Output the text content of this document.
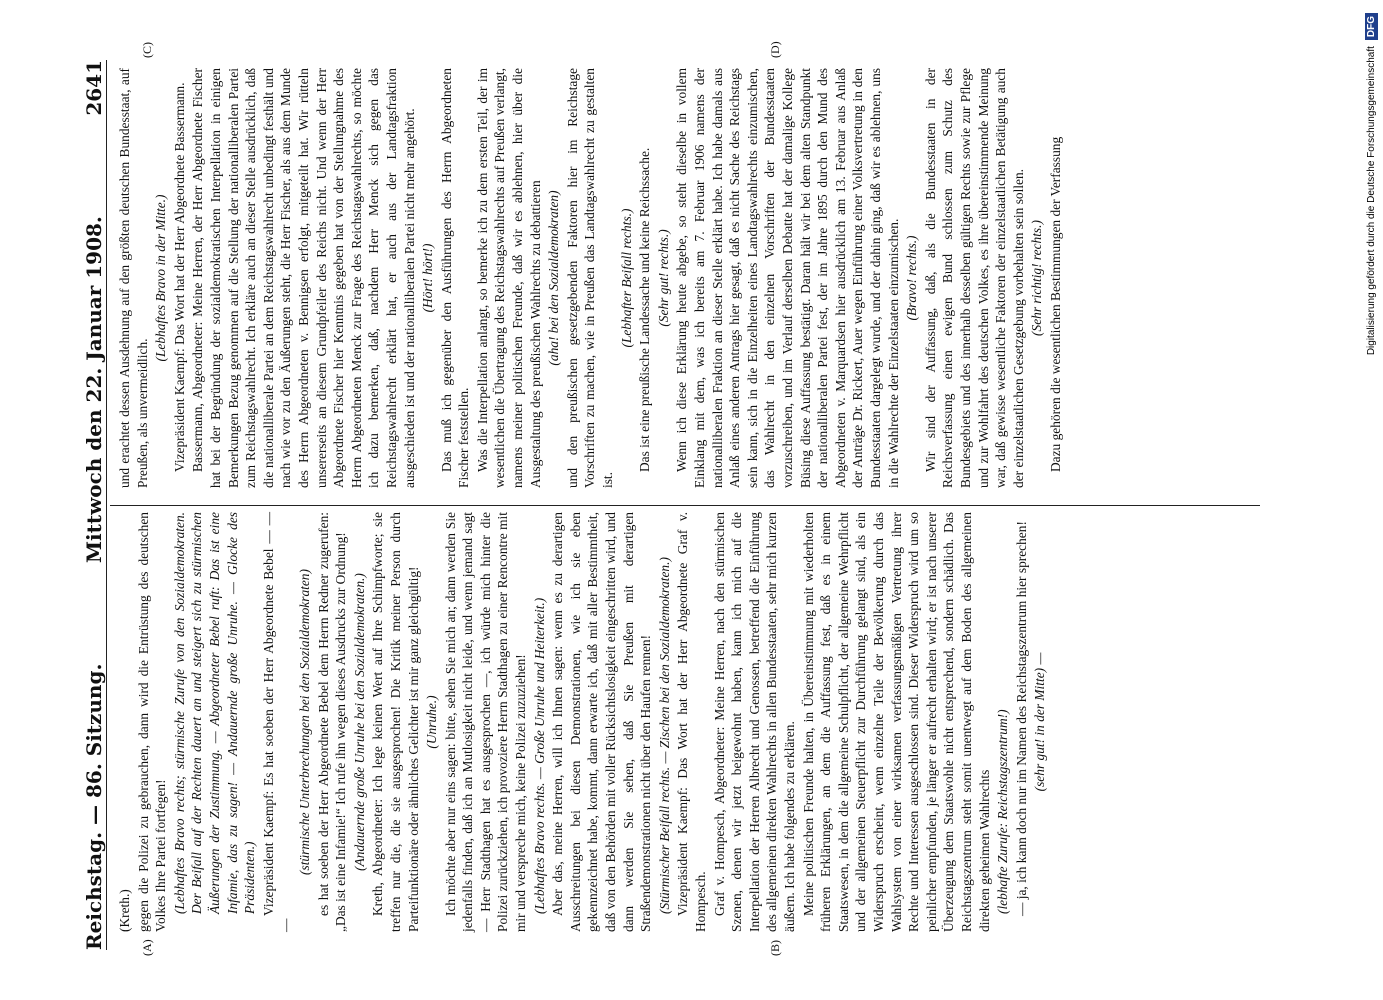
Reichstag. — 86. Sitzung.
Mittwoch den 22. Januar 1908.
2641
(A)	(B)
(C)	(D)

(Kreth.) gegen die Polizei zu gebrauchen, dann wird die Entrüstung des deutschen Volkes Ihre Partei fortfegen! (Lebhaftes Bravo rechts; stürmische Zurufe von den Sozialdemokraten. Der Beifall auf der Rechten dauert an und steigert sich zu stürmischen Äußerungen der Zustimmung. — Abgeordneter Bebel ruft: Das ist eine Infamie, das zu sagen! — Andauernde große Unruhe. — Glocke des Präsidenten.) Vizepräsident Kaempf: Es hat soeben der Herr Abgeordnete Bebel — — —

(stürmische Unterbrechungen bei den Sozialdemokraten) es hat soeben der Herr Abgeordnete Bebel dem Herrn Redner zugerufen: „Das ist eine Infamie!“ Ich rufe ihn wegen dieses Ausdrucks zur Ordnung! (Andauernde große Unruhe bei den Sozialdemokraten.) Kreth, Abgeordneter: Ich lege keinen Wert auf Ihre Schimpfworte; sie treffen nur die, die sie ausgesprochen! Die Kritik meiner Person durch Parteifunktionäre oder ähnliches Gelichter ist mir ganz gleichgültig! (Unruhe.) Ich möchte aber nur eins sagen: bitte, sehen Sie mich an; dann werden Sie jedenfalls finden, daß ich an Mutlosigkeit nicht leide, und wenn jemand sagt — Herr Stadthagen hat es ausgesprochen —, ich würde mich hinter die Polizei zurückziehen, ich provoziere Herrn Stadthagen zu einer Rencontre mit mir und verspreche mich, keine Polizei zuzuziehen! (Lebhaftes Bravo rechts. — Große Unruhe und Heiterkeit.) Aber das, meine Herren, will ich Ihnen sagen: wenn es zu derartigen Ausschreitungen bei diesen Demonstrationen, wie ich sie eben gekennzeichnet habe, kommt, dann erwarte ich, daß mit aller Bestimmtheit, daß von den Behörden mit voller Rücksichtslosigkeit eingeschritten wird, und dann werden Sie sehen, daß Sie Preußen mit derartigen Straßendemonstrationen nicht über den Haufen rennen! (Stürmischer Beifall rechts. — Zischen bei den Sozialdemokraten.) Vizepräsident Kaempf: Das Wort hat der Herr Abgeordnete Graf v. Hompesch. Graf v. Hompesch, Abgeordneter: Meine Herren, nach den stürmischen Szenen, denen wir jetzt beigewohnt haben, kann ich mich auf die Interpellation der Herren Albrecht und Genossen, betreffend die Einführung des allgemeinen direkten Wahlrechts in allen Bundesstaaten, sehr mich kurzen äußern. Ich habe folgendes zu erklären. Meine politischen Freunde halten, in Übereinstimmung mit wiederholten früheren Erklärungen, an dem die Auffassung fest, daß es in einem Staatswesen, in dem die allgemeine Schulpflicht, der allgemeine Wehrpflicht und der allgemeinen Steuerpflicht zur Durchführung gelangt sind, als ein Widerspruch erscheint, wenn einzelne Teile der Bevölkerung durch das Wahlsystem von einer wirksamen verfassungsmäßigen Vertretung ihrer Rechte und Interessen ausgeschlossen sind. Dieser Widerspruch wird um so peinlicher empfunden, je länger er aufrecht erhalten wird; er ist nach unserer Überzeugung dem Staatswohle nicht entsprechend, sondern schädlich. Das Reichstagszentrum steht somit unentwegt auf dem Boden des allgemeinen direkten geheimen Wahlrechts (lebhafte Zurufe: Reichstagszentrum!) — ja, ich kann doch nur im Namen des Reichstagszentrum hier sprechen! (sehr gut! in der Mitte) —

und erachtet dessen Ausdehnung auf den größten deutschen Bundesstaat, auf Preußen, als unvermeidlich.

(Lebhaftes Bravo in der Mitte.) Vizepräsident Kaempf: Das Wort hat der Herr Abgeordnete Bassermann. Bassermann, Abgeordneter: Meine Herren, der Herr Abgeordnete Fischer hat bei der Begründung der sozialdemokratischen Interpellation in einigen Bemerkungen Bezug genommen auf die Stellung der nationalliberalen Partei zum Reichstagswahlrecht. Ich erkläre auch an dieser Stelle ausdrücklich, daß die nationalliberale Partei an dem Reichstagswahlrecht unbedingt festhält und nach wie vor zu den Äußerungen steht, die Herr Fischer, als aus dem Munde des Herrn Abgeordneten v. Bennigsen erfolgt, mitgeteilt hat. Wir rütteln unsererseits an diesem Grundpfeiler des Reichs nicht. Und wenn der Herr Abgeordnete Fischer hier Kenntnis gegeben hat von der Stellungnahme des Herrn Abgeordneten Menck zur Frage des Reichstagswahlrechts, so möchte ich dazu bemerken, daß, nachdem Herr Menck sich gegen das Reichstagswahlrecht erklärt hat, er auch aus der Landtagsfraktion ausgeschieden ist und der nationalliberalen Partei nicht mehr angehört. (Hört! hört!) Das muß ich gegenüber den Ausführungen des Herrn Abgeordneten Fischer feststellen. Was die Interpellation anlangt, so bemerke ich zu dem ersten Teil, der im wesentlichen die Übertragung des Reichstagswahlrechts auf Preußen verlangt, namens meiner politischen Freunde, daß wir es ablehnen, hier über die Ausgestaltung des preußischen Wahlrechts zu debattieren (aha! bei den Sozialdemokraten) und den preußischen gesetzgebenden Faktoren hier im Reichstage Vorschriften zu machen, wie in Preußen das Landtagswahlrecht zu gestalten ist.

(Lebhafter Beifall rechts.) Das ist eine preußische Landessache und keine Reichssache. (Sehr gut! rechts.) Wenn ich diese Erklärung heute abgebe, so steht dieselbe in vollem Einklang mit dem, was ich bereits am 7. Februar 1906 namens der nationalliberalen Fraktion an dieser Stelle erklärt habe. Ich habe damals aus Anlaß eines anderen Antrags hier gesagt, daß es nicht Sache des Reichstags sein kann, sich in die Einzelheiten eines Landtagswahlrechts einzumischen, das Wahlrecht in den einzelnen Vorschriften der Bundesstaaten vorzuschreiben, und im Verlauf derselben Debatte hat der damalige Kollege Büsing diese Auffassung bestätigt. Daran hält wir bei dem alten Standpunkt der nationalliberalen Partei fest, der im Jahre 1895 durch den Mund des Abgeordneten v. Marquardsen hier ausdrücklich am 13. Februar aus Anlaß der Anträge Dr. Rickert, Auer wegen Einführung einer Volksvertretung in den Bundesstaaten dargelegt wurde, und der dahin ging, daß wir es ablehnen, uns in die Wahlrechte der Einzelstaaten einzumischen. (Bravo! rechts.) Wir sind der Auffassung, daß, als die Bundesstaaten in der Reichsverfassung einen ewigen Bund schlossen zum Schutz des Bundesgebiets und des innerhalb desselben gültigen Rechts sowie zur Pflege und zur Wohlfahrt des deutschen Volkes, es ihre übereinstimmende Meinung war, daß gewisse wesentliche Faktoren der einzelstaatlichen Betätigung auch der einzelstaatlichen Gesetzgebung vorbehalten sein sollen. (Sehr richtig! rechts.) Dazu gehören die wesentlichen Bestimmungen der Verfassung	Digitalisierung gefördert durch die Deutsche Forschungsgemeinschaft
DFG
